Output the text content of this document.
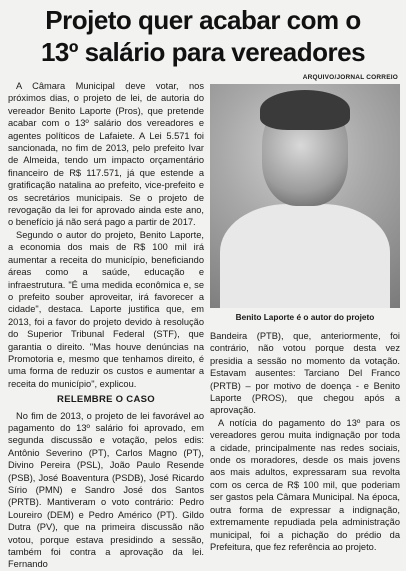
Projeto quer acabar com o
13º salário para vereadores
ARQUIVO/JORNAL CORREIO

A Câmara Municipal deve votar, nos próximos dias, o projeto de lei, de autoria do vereador Benito Laporte (Pros), que pretende acabar com o 13º salário dos vereadores e agentes políticos de Lafaiete. A Lei 5.571 foi sancionada, no fim de 2013, pelo prefeito Ivar de Almeida, tendo um impacto orçamentário financeiro de R$ 117.571, já que estende a gratificação natalina ao prefeito, vice-prefeito e os secretários municipais. Se o projeto de revogação da lei for aprovado ainda este ano, o benefício já não será pago a partir de 2017.

Segundo o autor do projeto, Benito Laporte, a economia dos mais de R$ 100 mil irá aumentar a receita do município, beneficiando áreas como a saúde, educação e infraestrutura. "É uma medida econômica e, se o prefeito souber aproveitar, irá favorecer a cidade", destaca. Laporte justifica que, em 2013, foi a favor do projeto devido à resolução do Superior Tribunal Federal (STF), que garantia o direito. "Mas houve denúncias na Promotoria e, mesmo que tenhamos direito, é uma forma de reduzir os custos e aumentar a receita do município", explicou.

RELEMBRE O CASO

No fim de 2013, o projeto de lei favorável ao pagamento do 13º salário foi aprovado, em segunda discussão e votação, pelos edis: Antônio Severino (PT), Carlos Magno (PT), Divino Pereira (PSL), João Paulo Resende (PSB), José Boaventura (PSDB), José Ricardo Sírio (PMN) e Sandro José dos Santos (PRTB). Mantiveram o voto contrário: Pedro Loureiro (DEM) e Pedro Américo (PT). Gildo Dutra (PV), que na primeira discussão não votou, porque estava presidindo a sessão, também foi contra a aprovação da lei. Fernando

Benito Laporte é o autor do projeto

Bandeira (PTB), que, anteriormente, foi contrário, não votou porque desta vez presidia a sessão no momento da votação. Estavam ausentes: Tarciano Del Franco (PRTB) – por motivo de doença - e Benito Laporte (PROS), que chegou após a aprovação.

A notícia do pagamento do 13º para os vereadores gerou muita indignação por toda a cidade, principalmente nas redes sociais, onde os moradores, desde os mais jovens aos mais adultos, expressaram sua revolta com os cerca de R$ 100 mil, que poderiam ser gastos pela Câmara Municipal. Na época, outra forma de expressar a indignação, extremamente repudiada pela administração municipal, foi a pichação do prédio da Prefeitura, que fez referência ao projeto.
